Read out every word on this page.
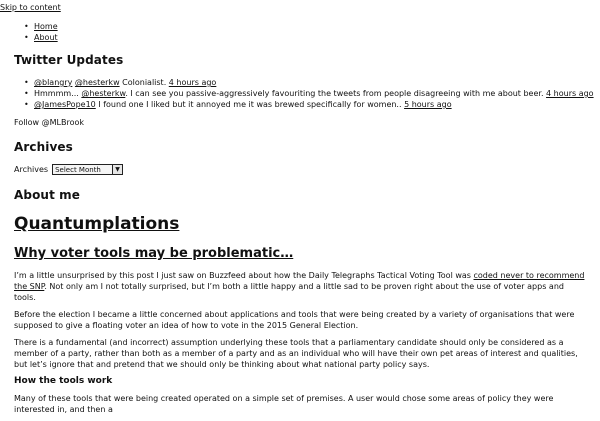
Skip to content
• Home
• About
Twitter Updates
• @blangry @hesterkw Colonialist. 4 hours ago
• Hmmmm... @hesterkw. I can see you passive-aggressively favouriting the tweets from people disagreeing with me about beer. 4 hours ago
• @JamesPope10 I found one I liked but it annoyed me it was brewed specifically for women.. 5 hours ago
Follow @MLBrook
Archives
Archives	Select Month	▼
About me
Quantumplations
Why voter tools may be problematic…

I’m a little unsurprised by this post I just saw on Buzzfeed about how the Daily Telegraphs Tactical Voting Tool was coded never to recommend the SNP. Not only am I not totally surprised, but I’m both a little happy and a little sad to be proven right about the use of voter apps and tools.

Before the election I became a little concerned about applications and tools that were being created by a variety of organisations that were supposed to give a floating voter an idea of how to vote in the 2015 General Election.

There is a fundamental (and incorrect) assumption underlying these tools that a parliamentary candidate should only be considered as a member of a party, rather than both as a member of a party and as an individual who will have their own pet areas of interest and qualities, but let’s ignore that and pretend that we should only be thinking about what national party policy says.

How the tools work

Many of these tools that were being created operated on a simple set of premises. A user would chose some areas of policy they were interested in, and then a
